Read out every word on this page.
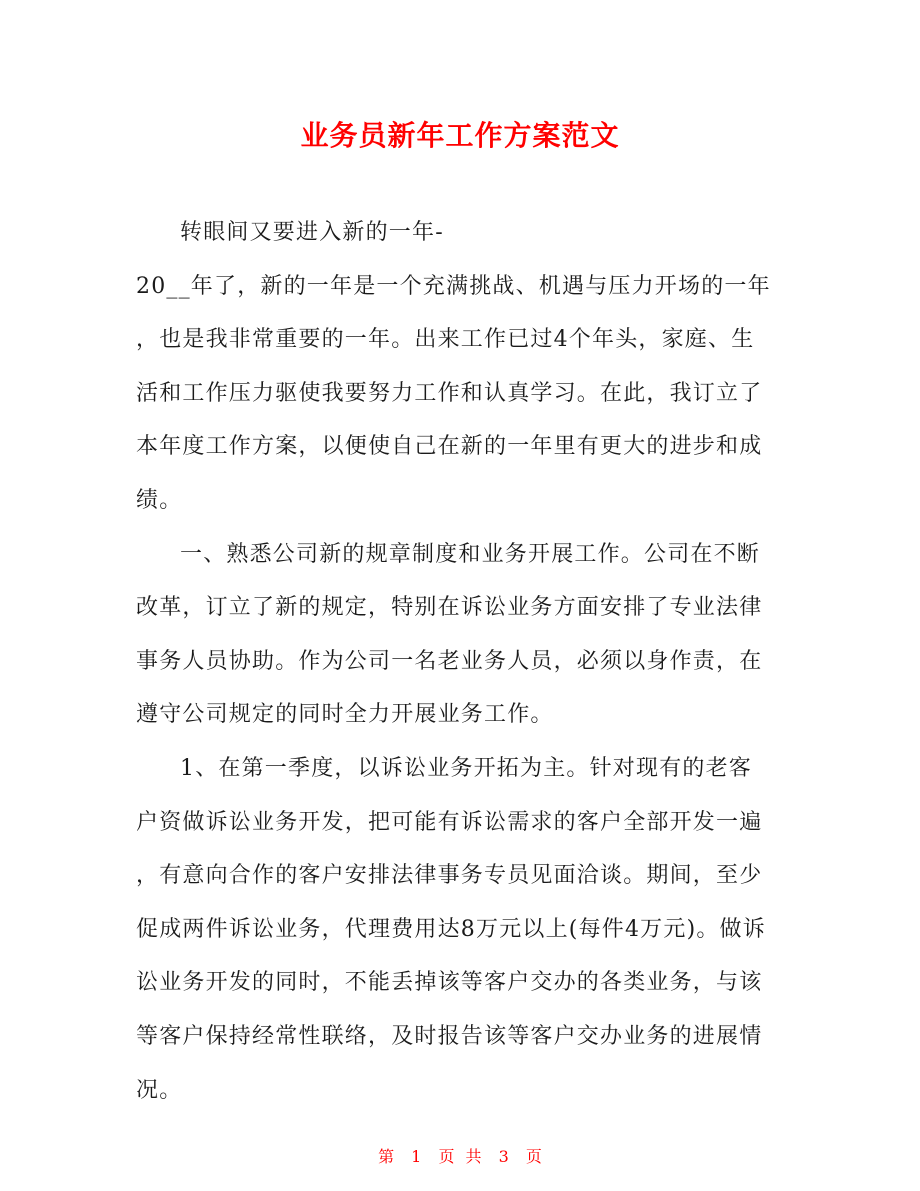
业务员新年工作方案范文
转眼间又要进入新的一年-
20__年了，新的一年是一个充满挑战、机遇与压力开场的一年
，也是我非常重要的一年。出来工作已过4个年头，家庭、生
活和工作压力驱使我要努力工作和认真学习。在此，我订立了
本年度工作方案，以便使自己在新的一年里有更大的进步和成
绩。
一、熟悉公司新的规章制度和业务开展工作。公司在不断
改革，订立了新的规定，特别在诉讼业务方面安排了专业法律
事务人员协助。作为公司一名老业务人员，必须以身作责，在
遵守公司规定的同时全力开展业务工作。
1、在第一季度，以诉讼业务开拓为主。针对现有的老客
户资做诉讼业务开发，把可能有诉讼需求的客户全部开发一遍
，有意向合作的客户安排法律事务专员见面洽谈。期间，至少
促成两件诉讼业务，代理费用达8万元以上(每件4万元)。做诉
讼业务开发的同时，不能丢掉该等客户交办的各类业务，与该
等客户保持经常性联络，及时报告该等客户交办业务的进展情
况。
第 1 页 共 3 页
